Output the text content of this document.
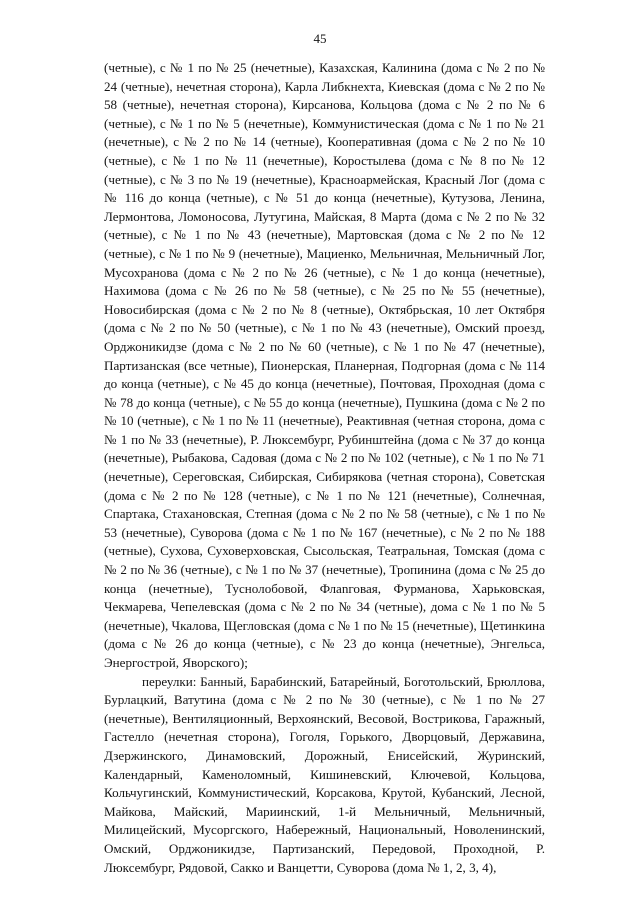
45

(четные), с № 1 по № 25 (нечетные), Казахская, Калинина (дома с № 2 по № 24 (четные), нечетная сторона), Карла Либкнехта, Киевская (дома с № 2 по № 58 (четные), нечетная сторона), Кирсанова, Кольцова (дома с № 2 по № 6 (четные), с № 1 по № 5 (нечетные), Коммунистическая (дома с № 1 по № 21 (нечетные), с № 2 по № 14 (четные), Кооперативная (дома с № 2 по № 10 (четные), с № 1 по № 11 (нечетные), Коростылева (дома с № 8 по № 12 (четные), с № 3 по № 19 (нечетные), Красноармейская, Красный Лог (дома с № 116 до конца (четные), с № 51 до конца (нечетные), Кутузова, Ленина, Лермонтова, Ломоносова, Лутугина, Майская, 8 Марта (дома с № 2 по № 32 (четные), с № 1 по № 43 (нечетные), Мартовская (дома с № 2 по № 12 (четные), с № 1 по № 9 (нечетные), Мациенко, Мельничная, Мельничный Лог, Мусохранова (дома с № 2 по № 26 (четные), с № 1 до конца (нечетные), Нахимова (дома с № 26 по № 58 (четные), с № 25 по № 55 (нечетные), Новосибирская (дома с № 2 по № 8 (четные), Октябрьская, 10 лет Октября (дома с № 2 по № 50 (четные), с № 1 по № 43 (нечетные), Омский проезд, Орджоникидзе (дома с № 2 по № 60 (четные), с № 1 по № 47 (нечетные), Партизанская (все четные), Пионерская, Планерная, Подгорная (дома с № 114 до конца (четные), с № 45 до конца (нечетные), Почтовая, Проходная (дома с № 78 до конца (четные), с № 55 до конца (нечетные), Пушкина (дома с № 2 по № 10 (четные), с № 1 по № 11 (нечетные), Реактивная (четная сторона, дома с № 1 по № 33 (нечетные), Р. Люксембург, Рубинштейна (дома с № 37 до конца (нечетные), Рыбакова, Садовая (дома с № 2 по № 102 (четные), с № 1 по № 71 (нечетные), Сереговская, Сибирская, Сибирякова (четная сторона), Советская (дома с № 2 по № 128 (четные), с № 1 по № 121 (нечетные), Солнечная, Спартака, Стахановская, Степная (дома с № 2 по № 58 (четные), с № 1 по № 53 (нечетные), Суворова (дома с № 1 по № 167 (нечетные), с № 2 по № 188 (четные), Сухова, Суховерховская, Сысольская, Театральная, Томская (дома с № 2 по № 36 (четные), с № 1 по № 37 (нечетные), Тропинина (дома с № 25 до конца (нечетные), Туснолобовой, Флanговая, Фурманова, Харьковская, Чекмарева, Чепелевская (дома с № 2 по № 34 (четные), дома с № 1 по № 5 (нечетные), Чкалова, Щегловская (дома с № 1 по № 15 (нечетные), Щетинкина (дома с № 26 до конца (четные), с № 23 до конца (нечетные), Энгельса, Энергострой, Яворского);

переулки: Банный, Барабинский, Батарейный, Боготольский, Брюллова, Бурлацкий, Ватутина (дома с № 2 по № 30 (четные), с № 1 по № 27 (нечетные), Вентиляционный, Верхоянский, Весовой, Вострикова, Гаражный, Гастелло (нечетная сторона), Гоголя, Горького, Дворцовый, Державина, Дзержинского, Динамовский, Дорожный, Енисейский, Журинский, Календарный, Каменоломный, Кишиневский, Ключевой, Кольцова, Кольчугинский, Коммунистический, Корсакова, Крутой, Кубанский, Лесной, Майкова, Майский, Мариинский, 1-й Мельничный, Мельничный, Милицейский, Мусоргского, Набережный, Национальный, Новоленинский, Омский, Орджоникидзе, Партизанский, Передовой, Проходной, Р. Люксембург, Рядовой, Сакко и Ванцетти, Суворова (дома № 1, 2, 3, 4),
